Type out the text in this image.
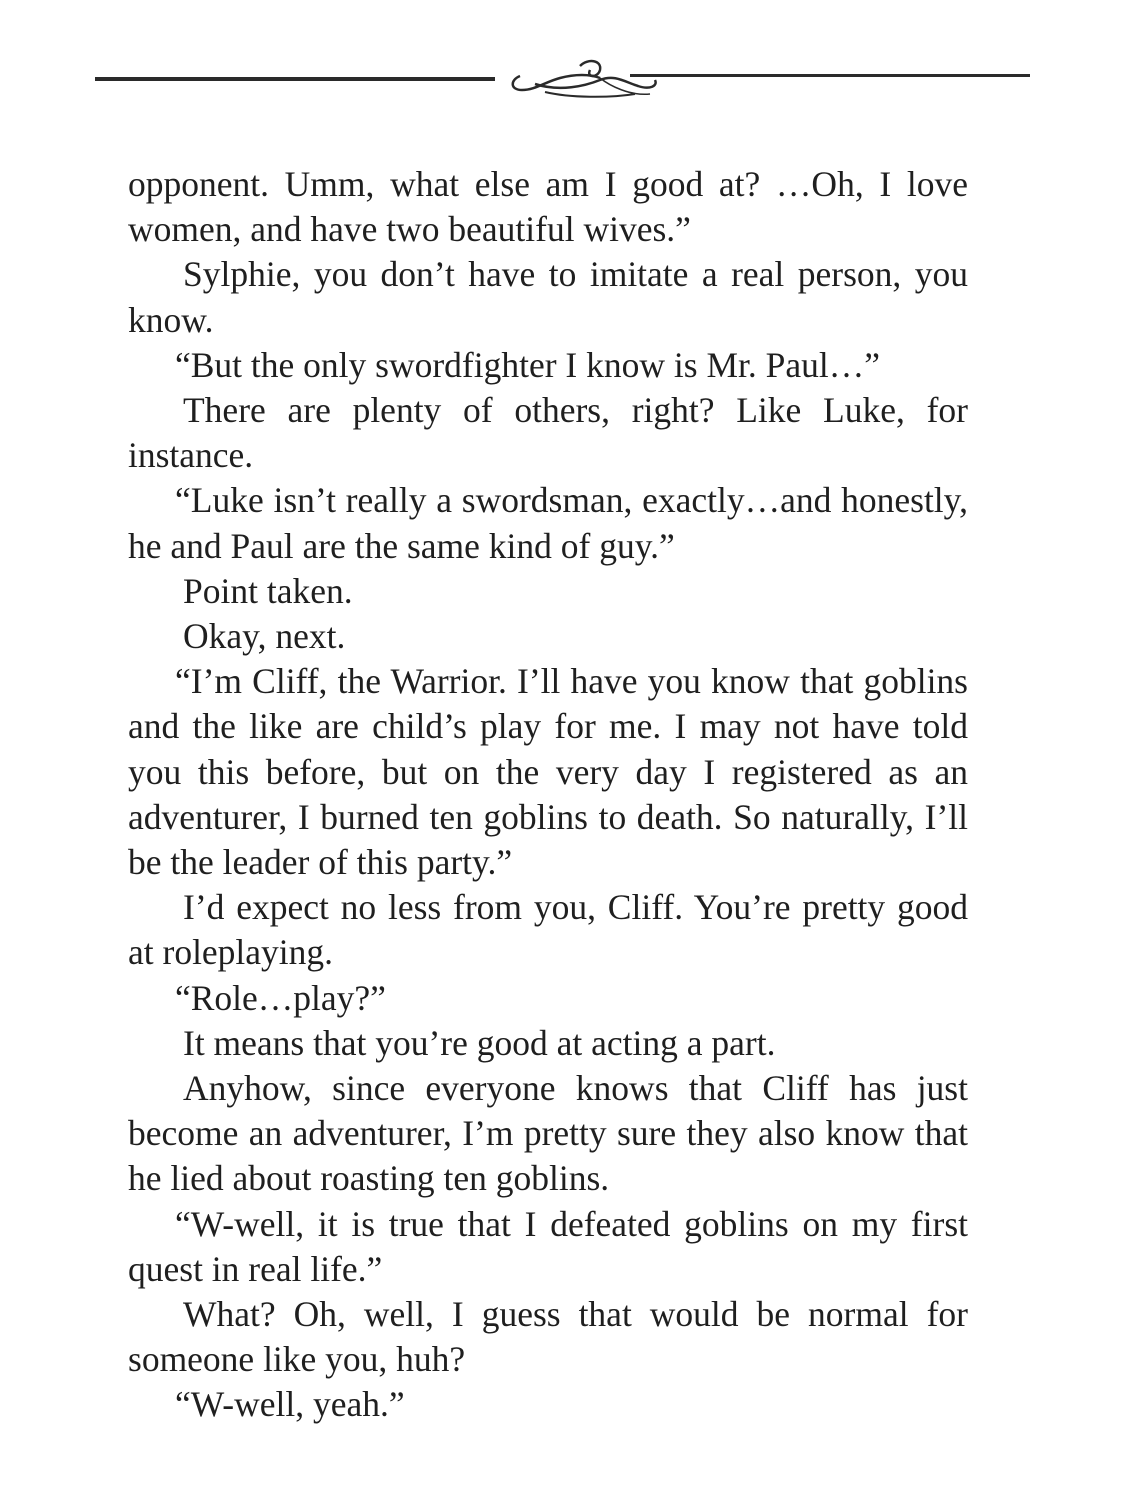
opponent. Umm, what else am I good at? …Oh, I love women, and have two beautiful wives.”

Sylphie, you don’t have to imitate a real person, you know.

“But the only swordfighter I know is Mr. Paul…”

There are plenty of others, right? Like Luke, for instance.

“Luke isn’t really a swordsman, exactly…and honestly, he and Paul are the same kind of guy.”

Point taken.

Okay, next.

“I’m Cliff, the Warrior. I’ll have you know that goblins and the like are child’s play for me. I may not have told you this before, but on the very day I registered as an adventurer, I burned ten goblins to death. So naturally, I’ll be the leader of this party.”

I’d expect no less from you, Cliff. You’re pretty good at roleplaying.

“Role…play?”

It means that you’re good at acting a part.

Anyhow, since everyone knows that Cliff has just become an adventurer, I’m pretty sure they also know that he lied about roasting ten goblins.

“W-well, it is true that I defeated goblins on my first quest in real life.”

What? Oh, well, I guess that would be normal for someone like you, huh?

“W-well, yeah.”
